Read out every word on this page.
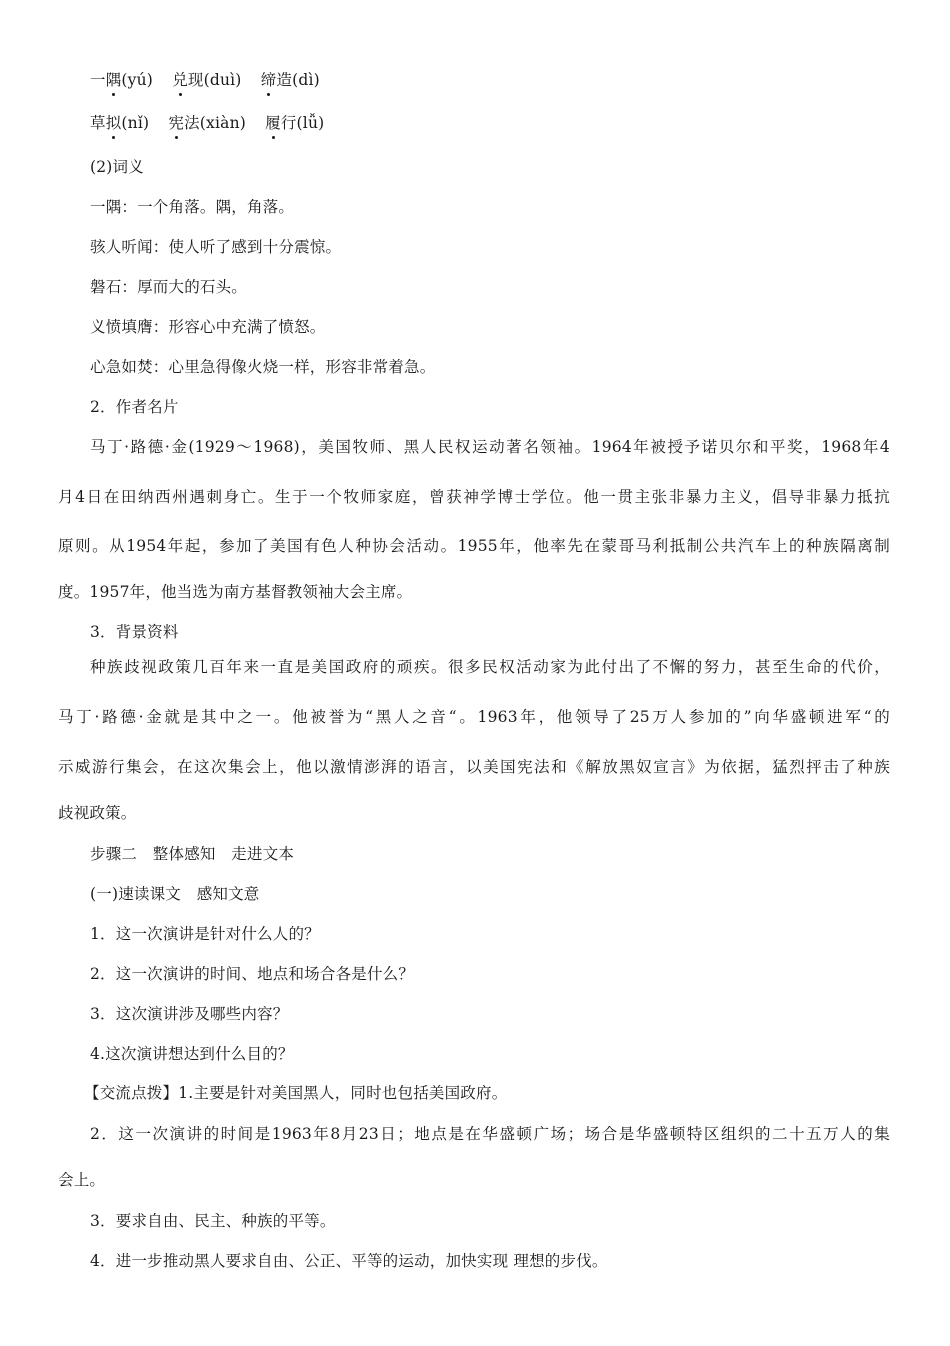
一隅(yú) 兑现(duì) 缔造(dì)
草拟(nǐ) 宪法(xiàn) 履行(lǚ)
(2)词义
一隅：一个角落。隅，角落。
骇人听闻：使人听了感到十分震惊。
磐石：厚而大的石头。
义愤填膺：形容心中充满了愤怒。
心急如焚：心里急得像火烧一样，形容非常着急。
2．作者名片
马丁·路德·金(1929～1968)，美国牧师、黑人民权运动著名领袖。1964年被授予诺贝尔和平奖，1968年4
月4日在田纳西州遇刺身亡。生于一个牧师家庭，曾获神学博士学位。他一贯主张非暴力主义，倡导非暴力抵抗
原则。从1954年起，参加了美国有色人种协会活动。1955年，他率先在蒙哥马利抵制公共汽车上的种族隔离制
度。1957年，他当选为南方基督教领袖大会主席。
3．背景资料
种族歧视政策几百年来一直是美国政府的顽疾。很多民权活动家为此付出了不懈的努力，甚至生命的代价，
马丁·路德·金就是其中之一。他被誉为“黑人之音“。1963年，他领导了25万人参加的”向华盛顿进军“的
示威游行集会，在这次集会上，他以激情澎湃的语言，以美国宪法和《解放黑奴宣言》为依据，猛烈抨击了种族
歧视政策。
步骤二　整体感知　走进文本
(一)速读课文　感知文意
1．这一次演讲是针对什么人的？
2．这一次演讲的时间、地点和场合各是什么？
3．这次演讲涉及哪些内容？
4.这次演讲想达到什么目的？
【交流点拨】1.主要是针对美国黑人，同时也包括美国政府。
2．这一次演讲的时间是1963年8月23日；地点是在华盛顿广场；场合是华盛顿特区组织的二十五万人的集
会上。
3．要求自由、民主、种族的平等。
4．进一步推动黑人要求自由、公正、平等的运动，加快实现 理想的步伐。
